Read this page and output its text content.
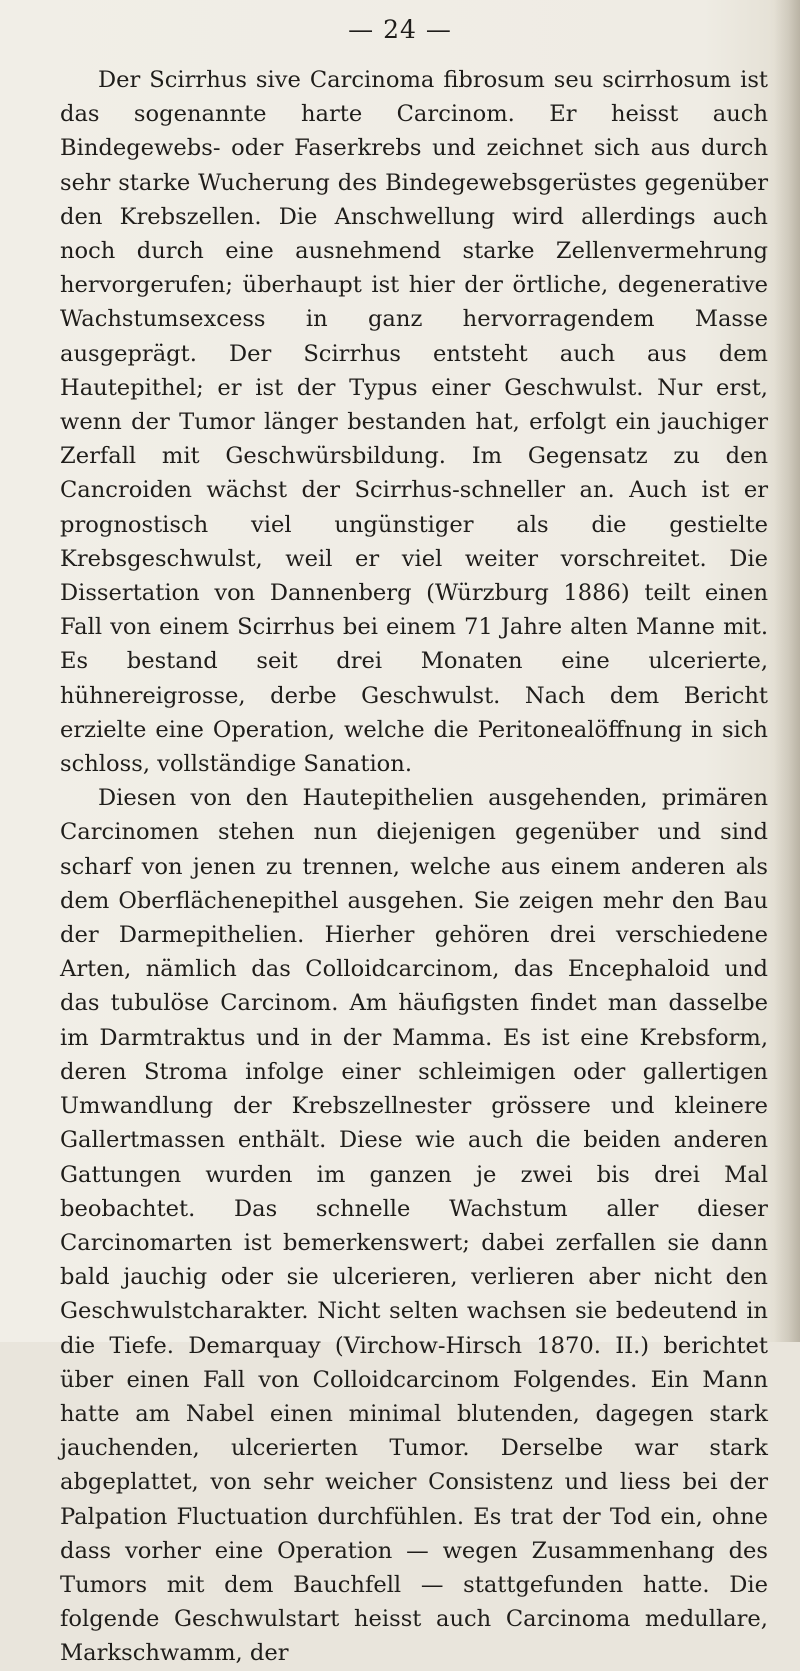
— 24 —

Der Scirrhus sive Carcinoma fibrosum seu scirrhosum ist das sogenannte harte Carcinom. Er heisst auch Bindegewebs- oder Faserkrebs und zeichnet sich aus durch sehr starke Wucherung des Bindegewebsgerüstes gegenüber den Krebszellen. Die Anschwellung wird allerdings auch noch durch eine ausnehmend starke Zellenvermehrung hervorgerufen; überhaupt ist hier der örtliche, degenerative Wachstumsexcess in ganz hervorragendem Masse ausgeprägt. Der Scirrhus entsteht auch aus dem Hautepithel; er ist der Typus einer Geschwulst. Nur erst, wenn der Tumor länger bestanden hat, erfolgt ein jauchiger Zerfall mit Geschwürsbildung. Im Gegensatz zu den Cancroiden wächst der Scirrhus-schneller an. Auch ist er prognostisch viel ungünstiger als die gestielte Krebsgeschwulst, weil er viel weiter vorschreitet. Die Dissertation von Dannenberg (Würzburg 1886) teilt einen Fall von einem Scirrhus bei einem 71 Jahre alten Manne mit. Es bestand seit drei Monaten eine ulcerierte, hühnereigrosse, derbe Geschwulst. Nach dem Bericht erzielte eine Operation, welche die Peritonealöffnung in sich schloss, vollständige Sanation.

Diesen von den Hautepithelien ausgehenden, primären Carcinomen stehen nun diejenigen gegenüber und sind scharf von jenen zu trennen, welche aus einem anderen als dem Oberflächenepithel ausgehen. Sie zeigen mehr den Bau der Darmepithelien. Hierher gehören drei verschiedene Arten, nämlich das Colloidcarcinom, das Encephaloid und das tubulöse Carcinom. Am häufigsten findet man dasselbe im Darmtraktus und in der Mamma. Es ist eine Krebsform, deren Stroma infolge einer schleimigen oder gallertigen Umwandlung der Krebszellnester grössere und kleinere Gallertmassen enthält. Diese wie auch die beiden anderen Gattungen wurden im ganzen je zwei bis drei Mal beobachtet. Das schnelle Wachstum aller dieser Carcinomarten ist bemerkenswert; dabei zerfallen sie dann bald jauchig oder sie ulcerieren, verlieren aber nicht den Geschwulstcharakter. Nicht selten wachsen sie bedeutend in die Tiefe. Demarquay (Virchow-Hirsch 1870. II.) berichtet über einen Fall von Colloidcarcinom Folgendes. Ein Mann hatte am Nabel einen minimal blutenden, dagegen stark jauchenden, ulcerierten Tumor. Derselbe war stark abgeplattet, von sehr weicher Consistenz und liess bei der Palpation Fluctuation durchfühlen. Es trat der Tod ein, ohne dass vorher eine Operation — wegen Zusammenhang des Tumors mit dem Bauchfell — stattgefunden hatte. Die folgende Geschwulstart heisst auch Carcinoma medullare, Markschwamm, der
